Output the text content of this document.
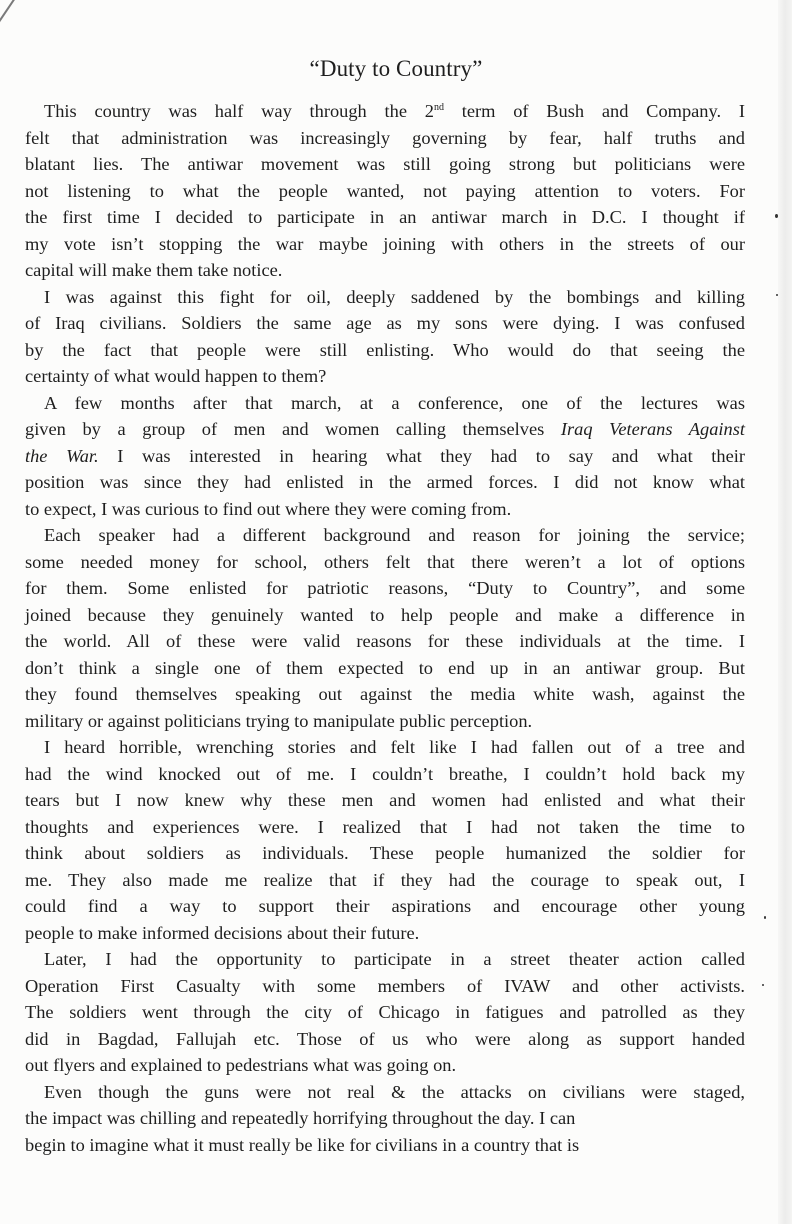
“Duty to Country”
This country was half way through the 2nd term of Bush and Company. I
felt that administration was increasingly governing by fear, half truths and
blatant lies. The antiwar movement was still going strong but politicians were
not listening to what the people wanted, not paying attention to voters. For
the first time I decided to participate in an antiwar march in D.C. I thought if
my vote isn’t stopping the war maybe joining with others in the streets of our
capital will make them take notice.
I was against this fight for oil, deeply saddened by the bombings and killing
of Iraq civilians. Soldiers the same age as my sons were dying. I was confused
by the fact that people were still enlisting. Who would do that seeing the
certainty of what would happen to them?
A few months after that march, at a conference, one of the lectures was
given by a group of men and women calling themselves Iraq Veterans Against
the War. I was interested in hearing what they had to say and what their
position was since they had enlisted in the armed forces. I did not know what
to expect, I was curious to find out where they were coming from.
Each speaker had a different background and reason for joining the service;
some needed money for school, others felt that there weren’t a lot of options
for them. Some enlisted for patriotic reasons, “Duty to Country”, and some
joined because they genuinely wanted to help people and make a difference in
the world. All of these were valid reasons for these individuals at the time. I
don’t think a single one of them expected to end up in an antiwar group. But
they found themselves speaking out against the media white wash, against the
military or against politicians trying to manipulate public perception.
I heard horrible, wrenching stories and felt like I had fallen out of a tree and
had the wind knocked out of me. I couldn’t breathe, I couldn’t hold back my
tears but I now knew why these men and women had enlisted and what their
thoughts and experiences were. I realized that I had not taken the time to
think about soldiers as individuals. These people humanized the soldier for
me. They also made me realize that if they had the courage to speak out, I
could find a way to support their aspirations and encourage other young
people to make informed decisions about their future.
Later, I had the opportunity to participate in a street theater action called
Operation First Casualty with some members of IVAW and other activists.
The soldiers went through the city of Chicago in fatigues and patrolled as they
did in Bagdad, Fallujah etc. Those of us who were along as support handed
out flyers and explained to pedestrians what was going on.
Even though the guns were not real & the attacks on civilians were staged,
the impact was chilling and repeatedly horrifying throughout the day. I can
begin to imagine what it must really be like for civilians in a country that is
